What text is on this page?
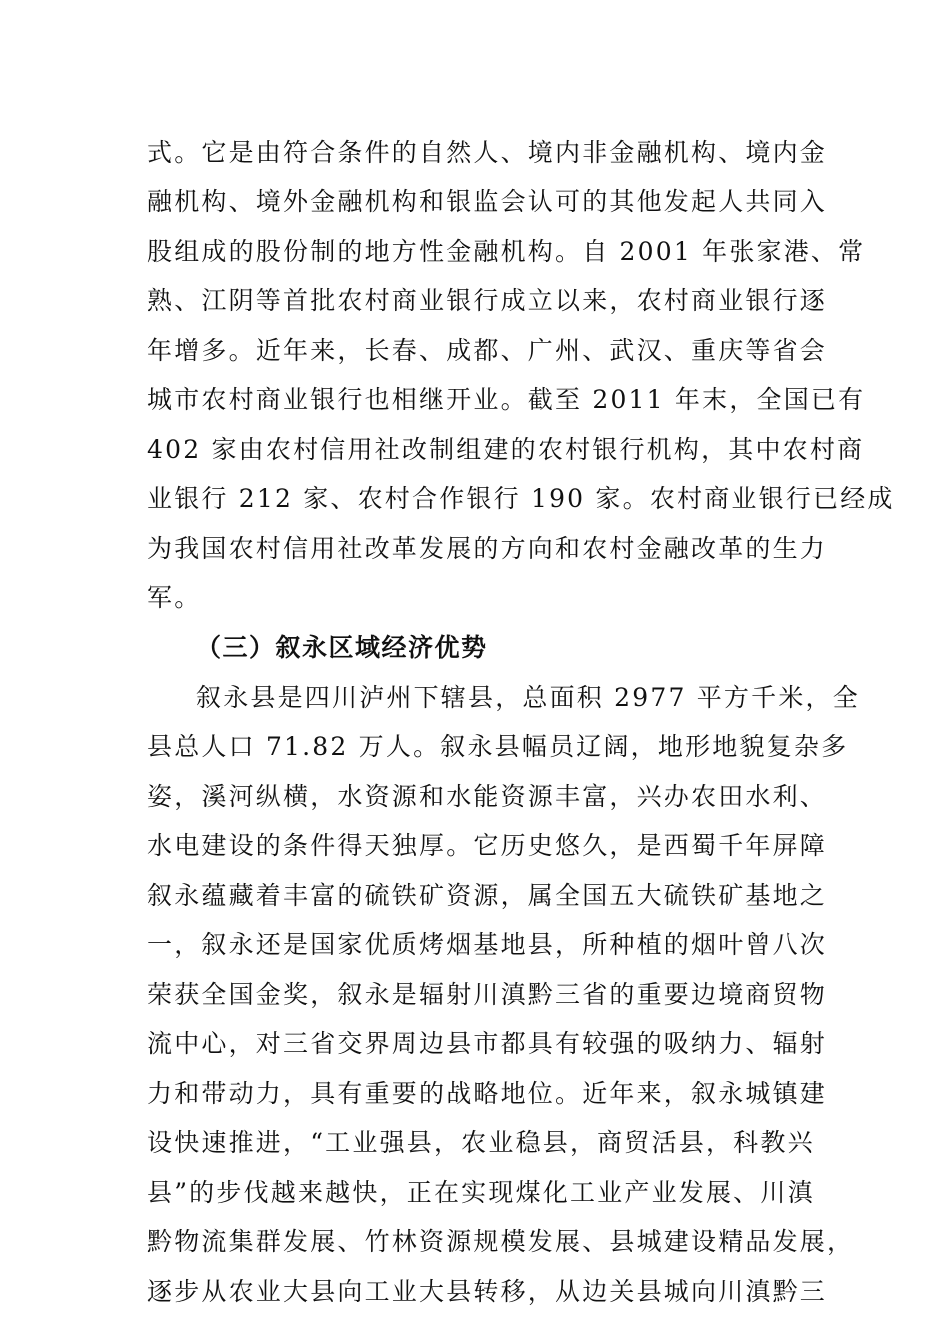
式。它是由符合条件的自然人、境内非金融机构、境内金
融机构、境外金融机构和银监会认可的其他发起人共同入
股组成的股份制的地方性金融机构。自 2001 年张家港、常
熟、江阴等首批农村商业银行成立以来，农村商业银行逐
年增多。近年来，长春、成都、广州、武汉、重庆等省会
城市农村商业银行也相继开业。截至 2011 年末，全国已有
402 家由农村信用社改制组建的农村银行机构，其中农村商
业银行 212 家、农村合作银行 190 家。农村商业银行已经成
为我国农村信用社改革发展的方向和农村金融改革的生力
军。
（三）叙永区域经济优势
叙永县是四川泸州下辖县，总面积 2977 平方千米，全
县总人口 71.82 万人。叙永县幅员辽阔，地形地貌复杂多
姿，溪河纵横，水资源和水能资源丰富，兴办农田水利、
水电建设的条件得天独厚。它历史悠久，是西蜀千年屏障
叙永蕴藏着丰富的硫铁矿资源，属全国五大硫铁矿基地之
一，叙永还是国家优质烤烟基地县，所种植的烟叶曾八次
荣获全国金奖，叙永是辐射川滇黔三省的重要边境商贸物
流中心，对三省交界周边县市都具有较强的吸纳力、辐射
力和带动力，具有重要的战略地位。近年来，叙永城镇建
设快速推进，“工业强县，农业稳县，商贸活县，科教兴
县”的步伐越来越快，正在实现煤化工业产业发展、川滇
黔物流集群发展、竹林资源规模发展、县城建设精品发展，
逐步从农业大县向工业大县转移，从边关县城向川滇黔三
